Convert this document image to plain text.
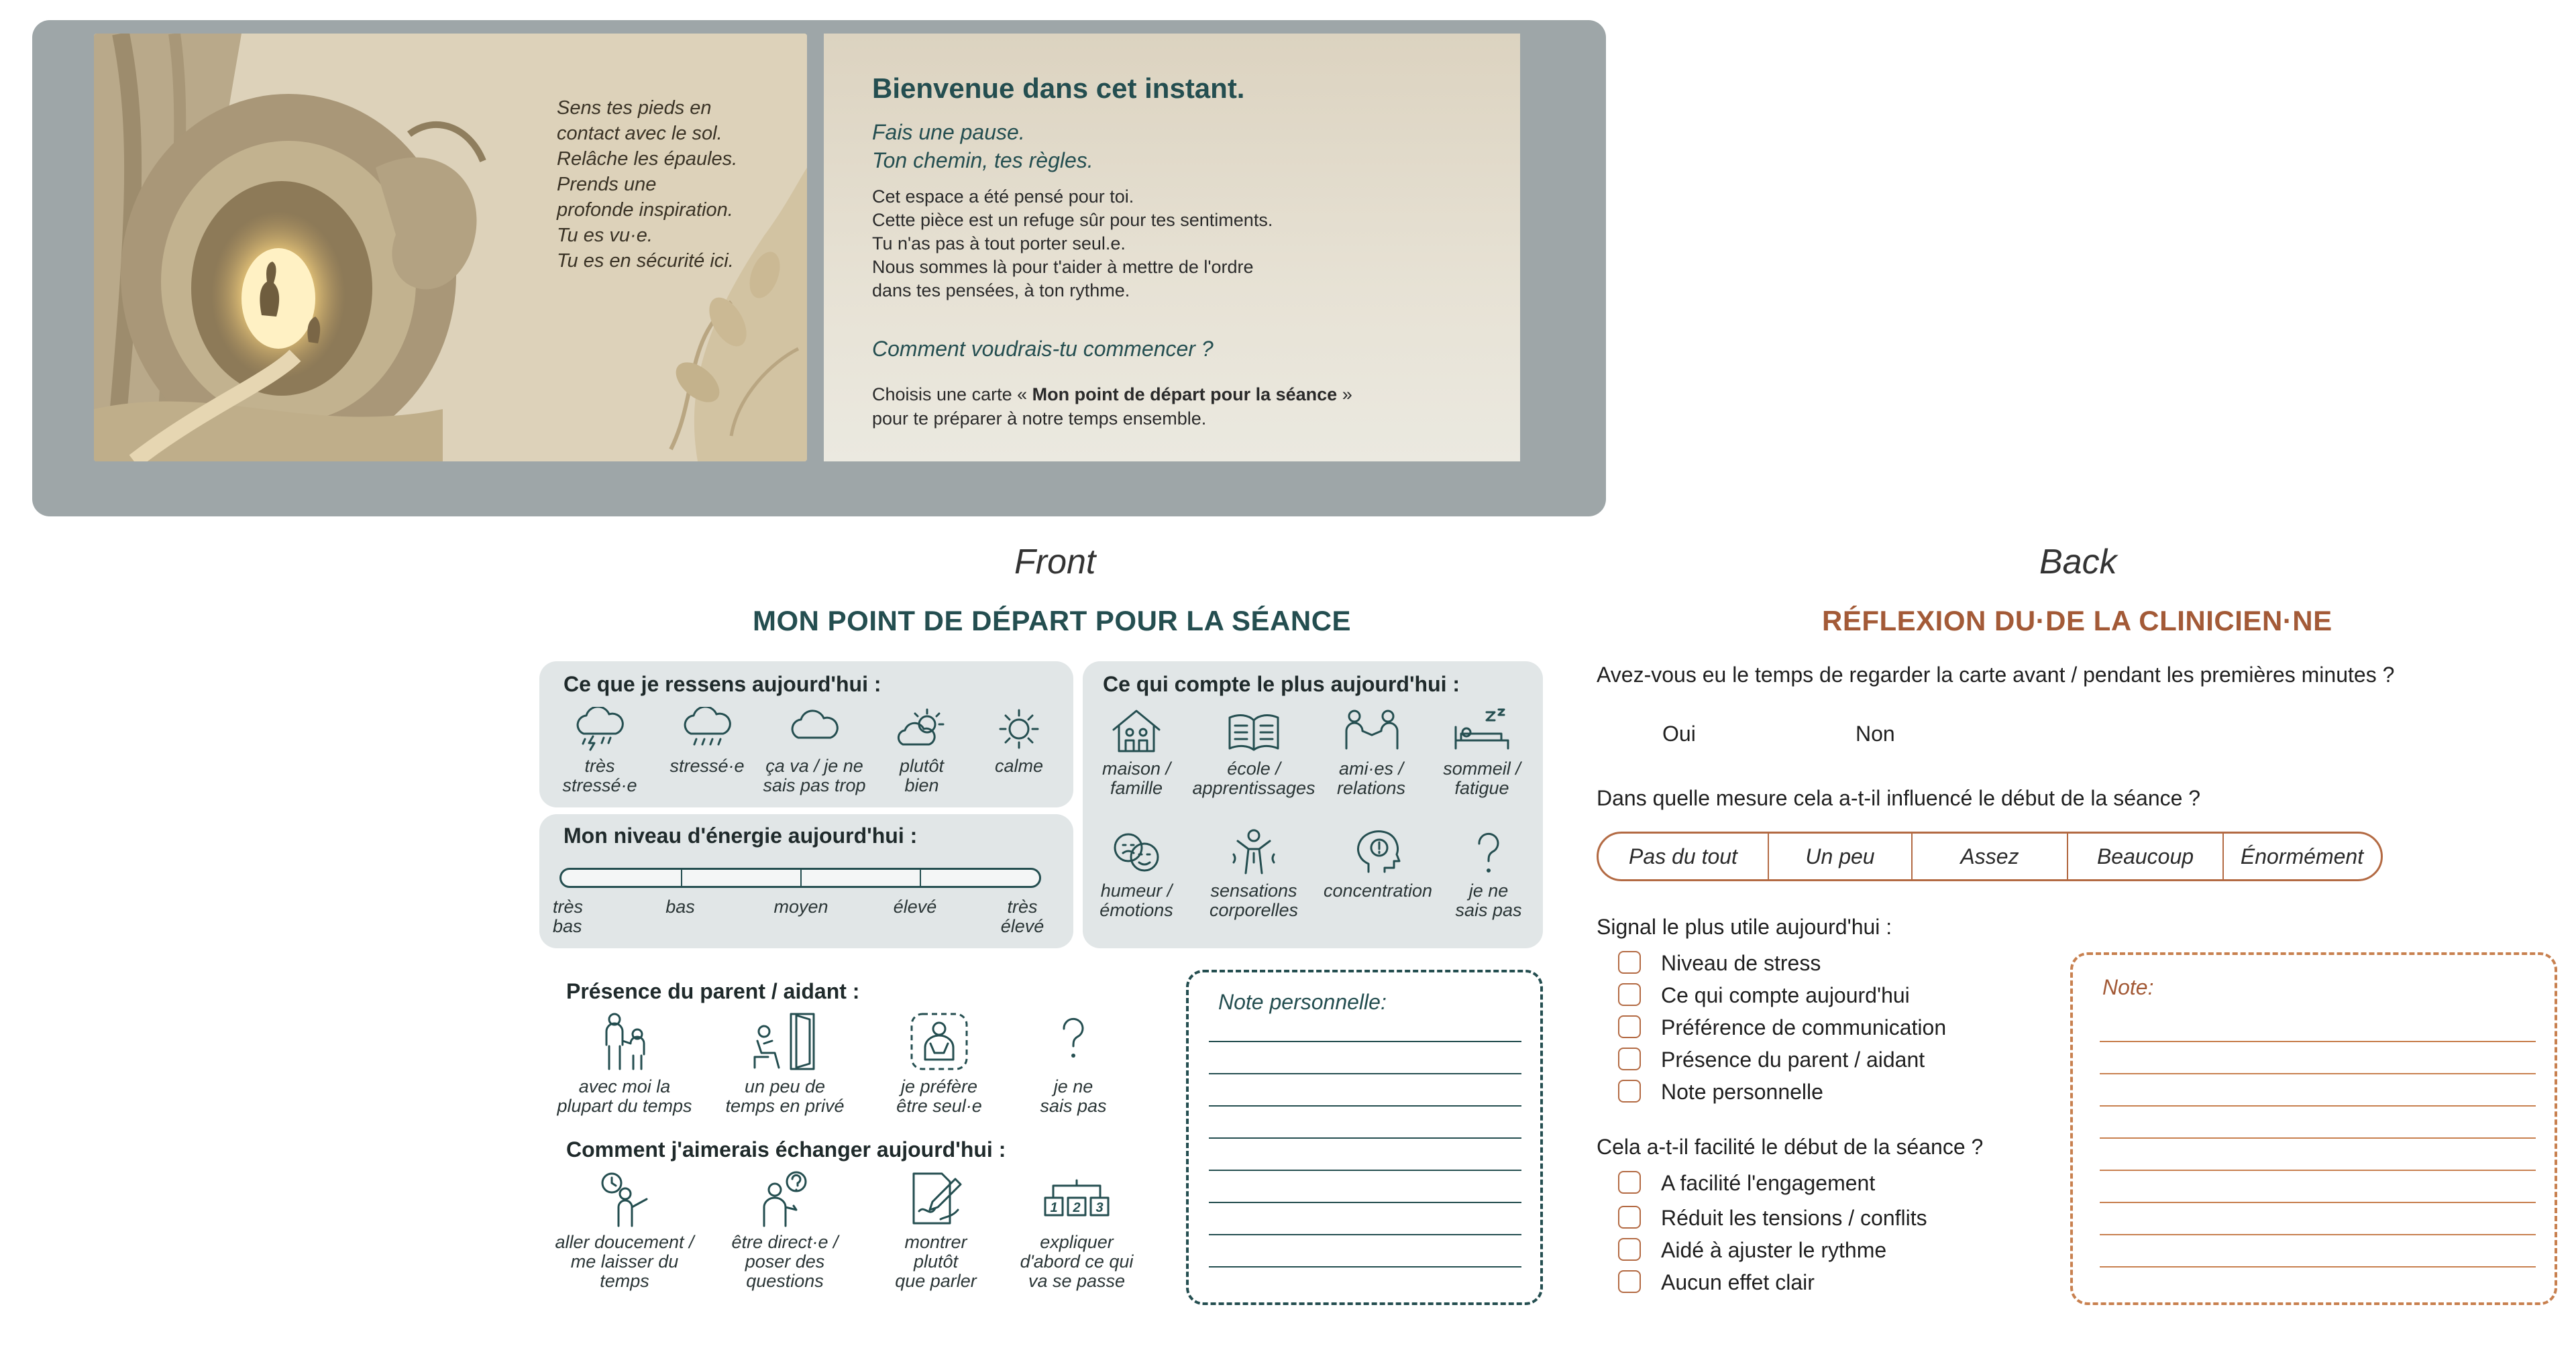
Sens tes pieds en
contact avec le sol.
Relâche les épaules.
Prends une
profonde inspiration.
Tu es vu·e.
Tu es en sécurité ici.
Bienvenue dans cet instant.
Fais une pause.
Ton chemin, tes règles.
Cet espace a été pensé pour toi.
Cette pièce est un refuge sûr pour tes sentiments.
Tu n'as pas à tout porter seul.e.
Nous sommes là pour t'aider à mettre de l'ordre
dans tes pensées, à ton rythme.
Comment voudrais-tu commencer ?
Choisis une carte « Mon point de départ pour la séance »
pour te préparer à notre temps ensemble.
Front
MON POINT DE DÉPART POUR LA SÉANCE
Ce que je ressens aujourd'hui :
très
stressé·e
stressé·e	ça va / je ne
sais pas trop
plutôt
bien
calme
Mon niveau d'énergie aujourd'hui :
très
bas
bas	moyen	élevé	très
élevé
Ce qui compte le plus aujourd'hui :
maison /
famille
école /
apprentissages
ami·es /
relations
sommeil /
fatigue
humeur /
émotions
sensations
corporelles
concentration	je ne
sais pas
Présence du parent / aidant :
avec moi la
plupart du temps
un peu de
temps en privé
je préfère
être seul·e
je ne
sais pas
Comment j'aimerais échanger aujourd'hui :
aller doucement /
me laisser du
temps
être direct·e /
poser des
questions
montrer
plutôt
que parler
1 2 3
expliquer
d'abord ce qui
va se passe
Note personnelle:
Back
RÉFLEXION DU·DE LA CLINICIEN·NE
Avez-vous eu le temps de regarder la carte avant / pendant les premières minutes ?
Oui	Non
Dans quelle mesure cela a-t-il influencé le début de la séance ?
Pas du tout	Un peu	Assez	Beaucoup	Énormément
Signal le plus utile aujourd'hui :
Niveau de stress
Ce qui compte aujourd'hui
Préférence de communication
Présence du parent / aidant
Note personnelle
Cela a-t-il facilité le début de la séance ?
A facilité l'engagement
Réduit les tensions / conflits
Aidé à ajuster le rythme
Aucun effet clair
Note:
